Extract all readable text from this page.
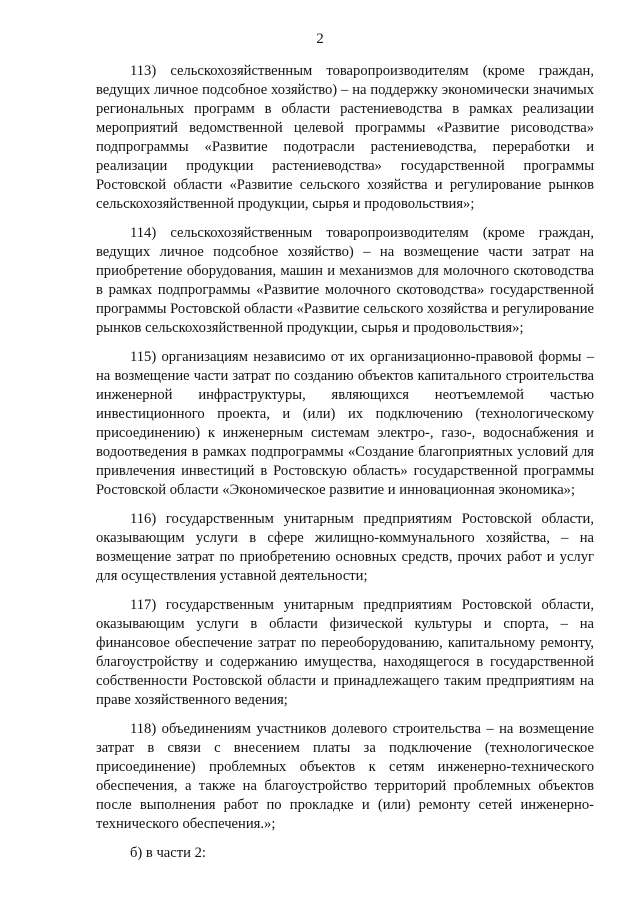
2

113) сельскохозяйственным товаропроизводителям (кроме граждан, ведущих личное подсобное хозяйство) – на поддержку экономически значимых региональных программ в области растениеводства в рамках реализации мероприятий ведомственной целевой программы «Развитие рисоводства» подпрограммы «Развитие подотрасли растениеводства, переработки и реализации продукции растениеводства» государственной программы Ростовской области «Развитие сельского хозяйства и регулирование рынков сельскохозяйственной продукции, сырья и продовольствия»;

114) сельскохозяйственным товаропроизводителям (кроме граждан, ведущих личное подсобное хозяйство) – на возмещение части затрат на приобретение оборудования, машин и механизмов для молочного скотоводства в рамках подпрограммы «Развитие молочного скотоводства» государственной программы Ростовской области «Развитие сельского хозяйства и регулирование рынков сельскохозяйственной продукции, сырья и продовольствия»;

115) организациям независимо от их организационно-правовой формы – на возмещение части затрат по созданию объектов капитального строительства инженерной инфраструктуры, являющихся неотъемлемой частью инвестиционного проекта, и (или) их подключению (технологическому присоединению) к инженерным системам электро-, газо-, водоснабжения и водоотведения в рамках подпрограммы «Создание благоприятных условий для привлечения инвестиций в Ростовскую область» государственной программы Ростовской области «Экономическое развитие и инновационная экономика»;

116) государственным унитарным предприятиям Ростовской области, оказывающим услуги в сфере жилищно-коммунального хозяйства, – на возмещение затрат по приобретению основных средств, прочих работ и услуг для осуществления уставной деятельности;

117) государственным унитарным предприятиям Ростовской области, оказывающим услуги в области физической культуры и спорта, – на финансовое обеспечение затрат по переоборудованию, капитальному ремонту, благоустройству и содержанию имущества, находящегося в государственной собственности Ростовской области и принадлежащего таким предприятиям на праве хозяйственного ведения;

118) объединениям участников долевого строительства – на возмещение затрат в связи с внесением платы за подключение (технологическое присоединение) проблемных объектов к сетям инженерно-технического обеспечения, а также на благоустройство территорий проблемных объектов после выполнения работ по прокладке и (или) ремонту сетей инженерно-технического обеспечения.»;

б) в части 2:
